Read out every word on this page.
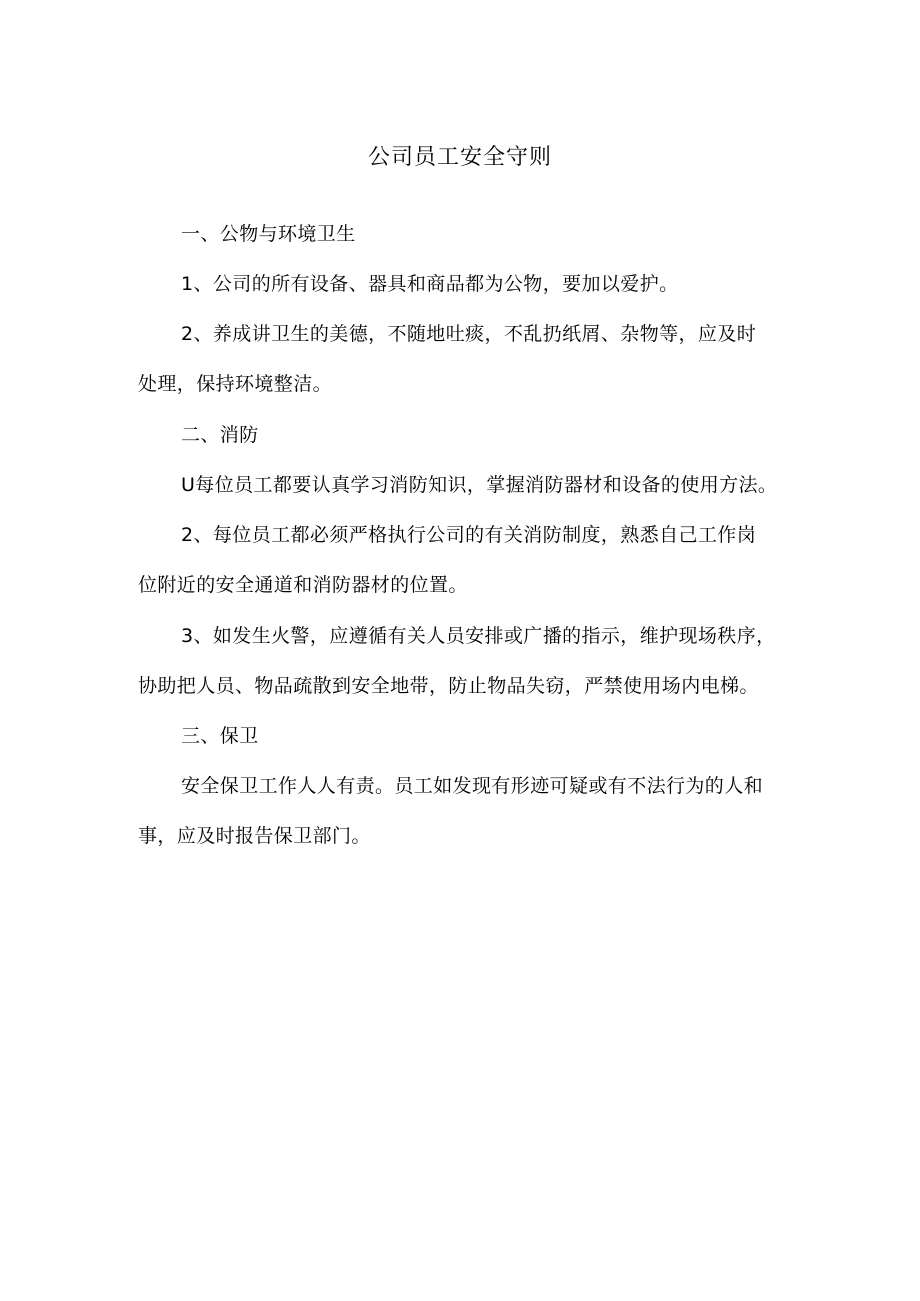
公司员工安全守则
一、公物与环境卫生
1、公司的所有设备、器具和商品都为公物，要加以爱护。
2、养成讲卫生的美德，不随地吐痰，不乱扔纸屑、杂物等，应及时
处理，保持环境整洁。
二、消防
U每位员工都要认真学习消防知识，掌握消防器材和设备的使用方法。
2、每位员工都必须严格执行公司的有关消防制度，熟悉自己工作岗
位附近的安全通道和消防器材的位置。
3、如发生火警，应遵循有关人员安排或广播的指示，维护现场秩序，
协助把人员、物品疏散到安全地带，防止物品失窃，严禁使用场内电梯。
三、保卫
安全保卫工作人人有责。员工如发现有形迹可疑或有不法行为的人和
事，应及时报告保卫部门。
